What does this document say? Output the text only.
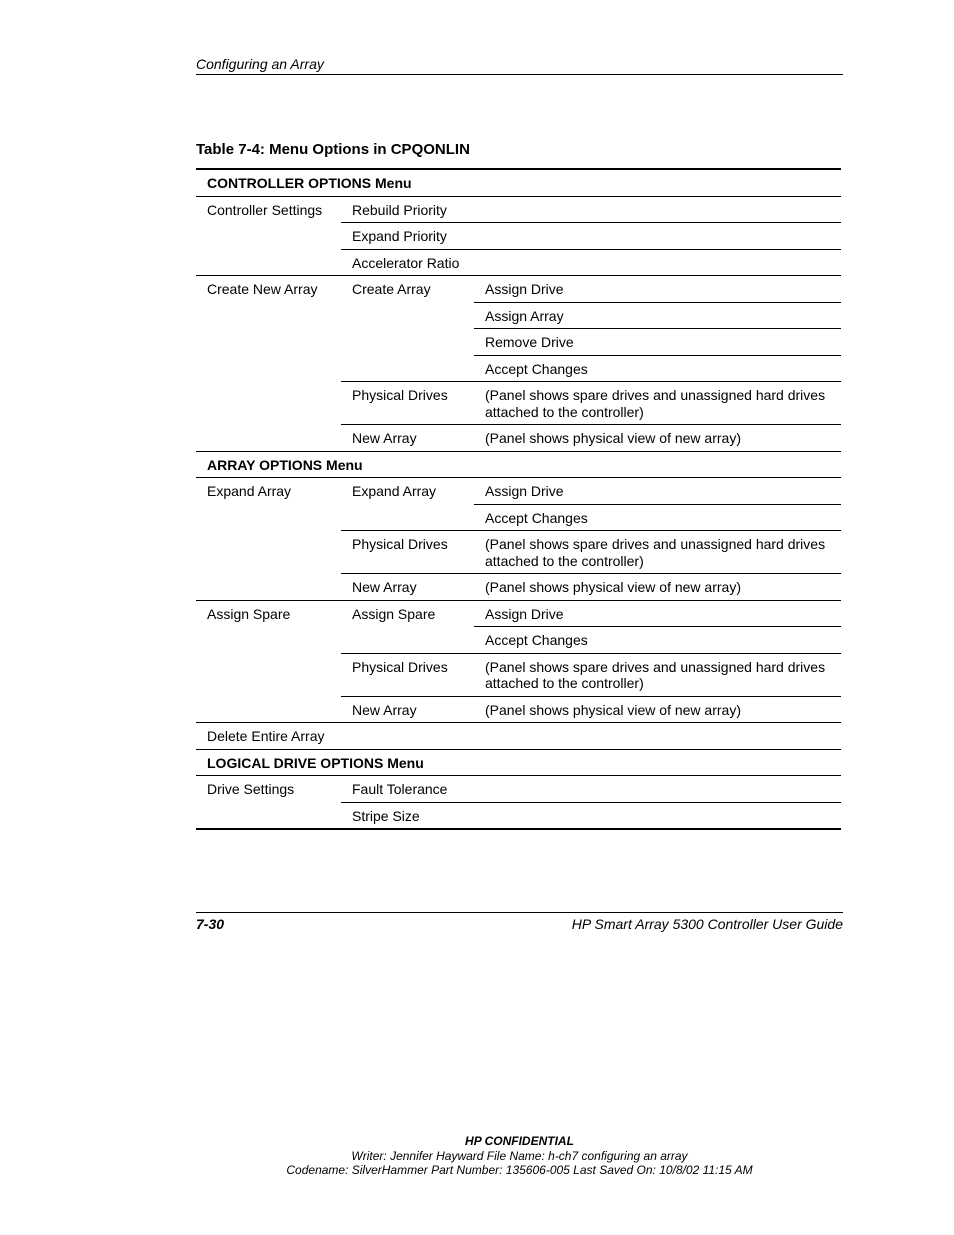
Configuring an Array
Table 7-4: Menu Options in CPQONLIN
CONTROLLER OPTIONS Menu		
Controller Settings	Rebuild Priority	
	Expand Priority	
	Accelerator Ratio	
Create New Array	Create Array	Assign Drive
		Assign Array
		Remove Drive
		Accept Changes
	Physical Drives	(Panel shows spare drives and unassigned hard drives attached to the controller)
	New Array	(Panel shows physical view of new array)
ARRAY OPTIONS Menu		
Expand Array	Expand Array	Assign Drive
		Accept Changes
	Physical Drives	(Panel shows spare drives and unassigned hard drives attached to the controller)
	New Array	(Panel shows physical view of new array)
Assign Spare	Assign Spare	Assign Drive
		Accept Changes
	Physical Drives	(Panel shows spare drives and unassigned hard drives attached to the controller)
	New Array	(Panel shows physical view of new array)
Delete Entire Array		
LOGICAL DRIVE OPTIONS Menu		
Drive Settings	Fault Tolerance	
	Stripe Size	
7-30	HP Smart Array 5300 Controller User Guide
HP CONFIDENTIAL
Writer: Jennifer Hayward File Name: h-ch7 configuring an array
Codename: SilverHammer Part Number: 135606-005 Last Saved On: 10/8/02 11:15 AM
